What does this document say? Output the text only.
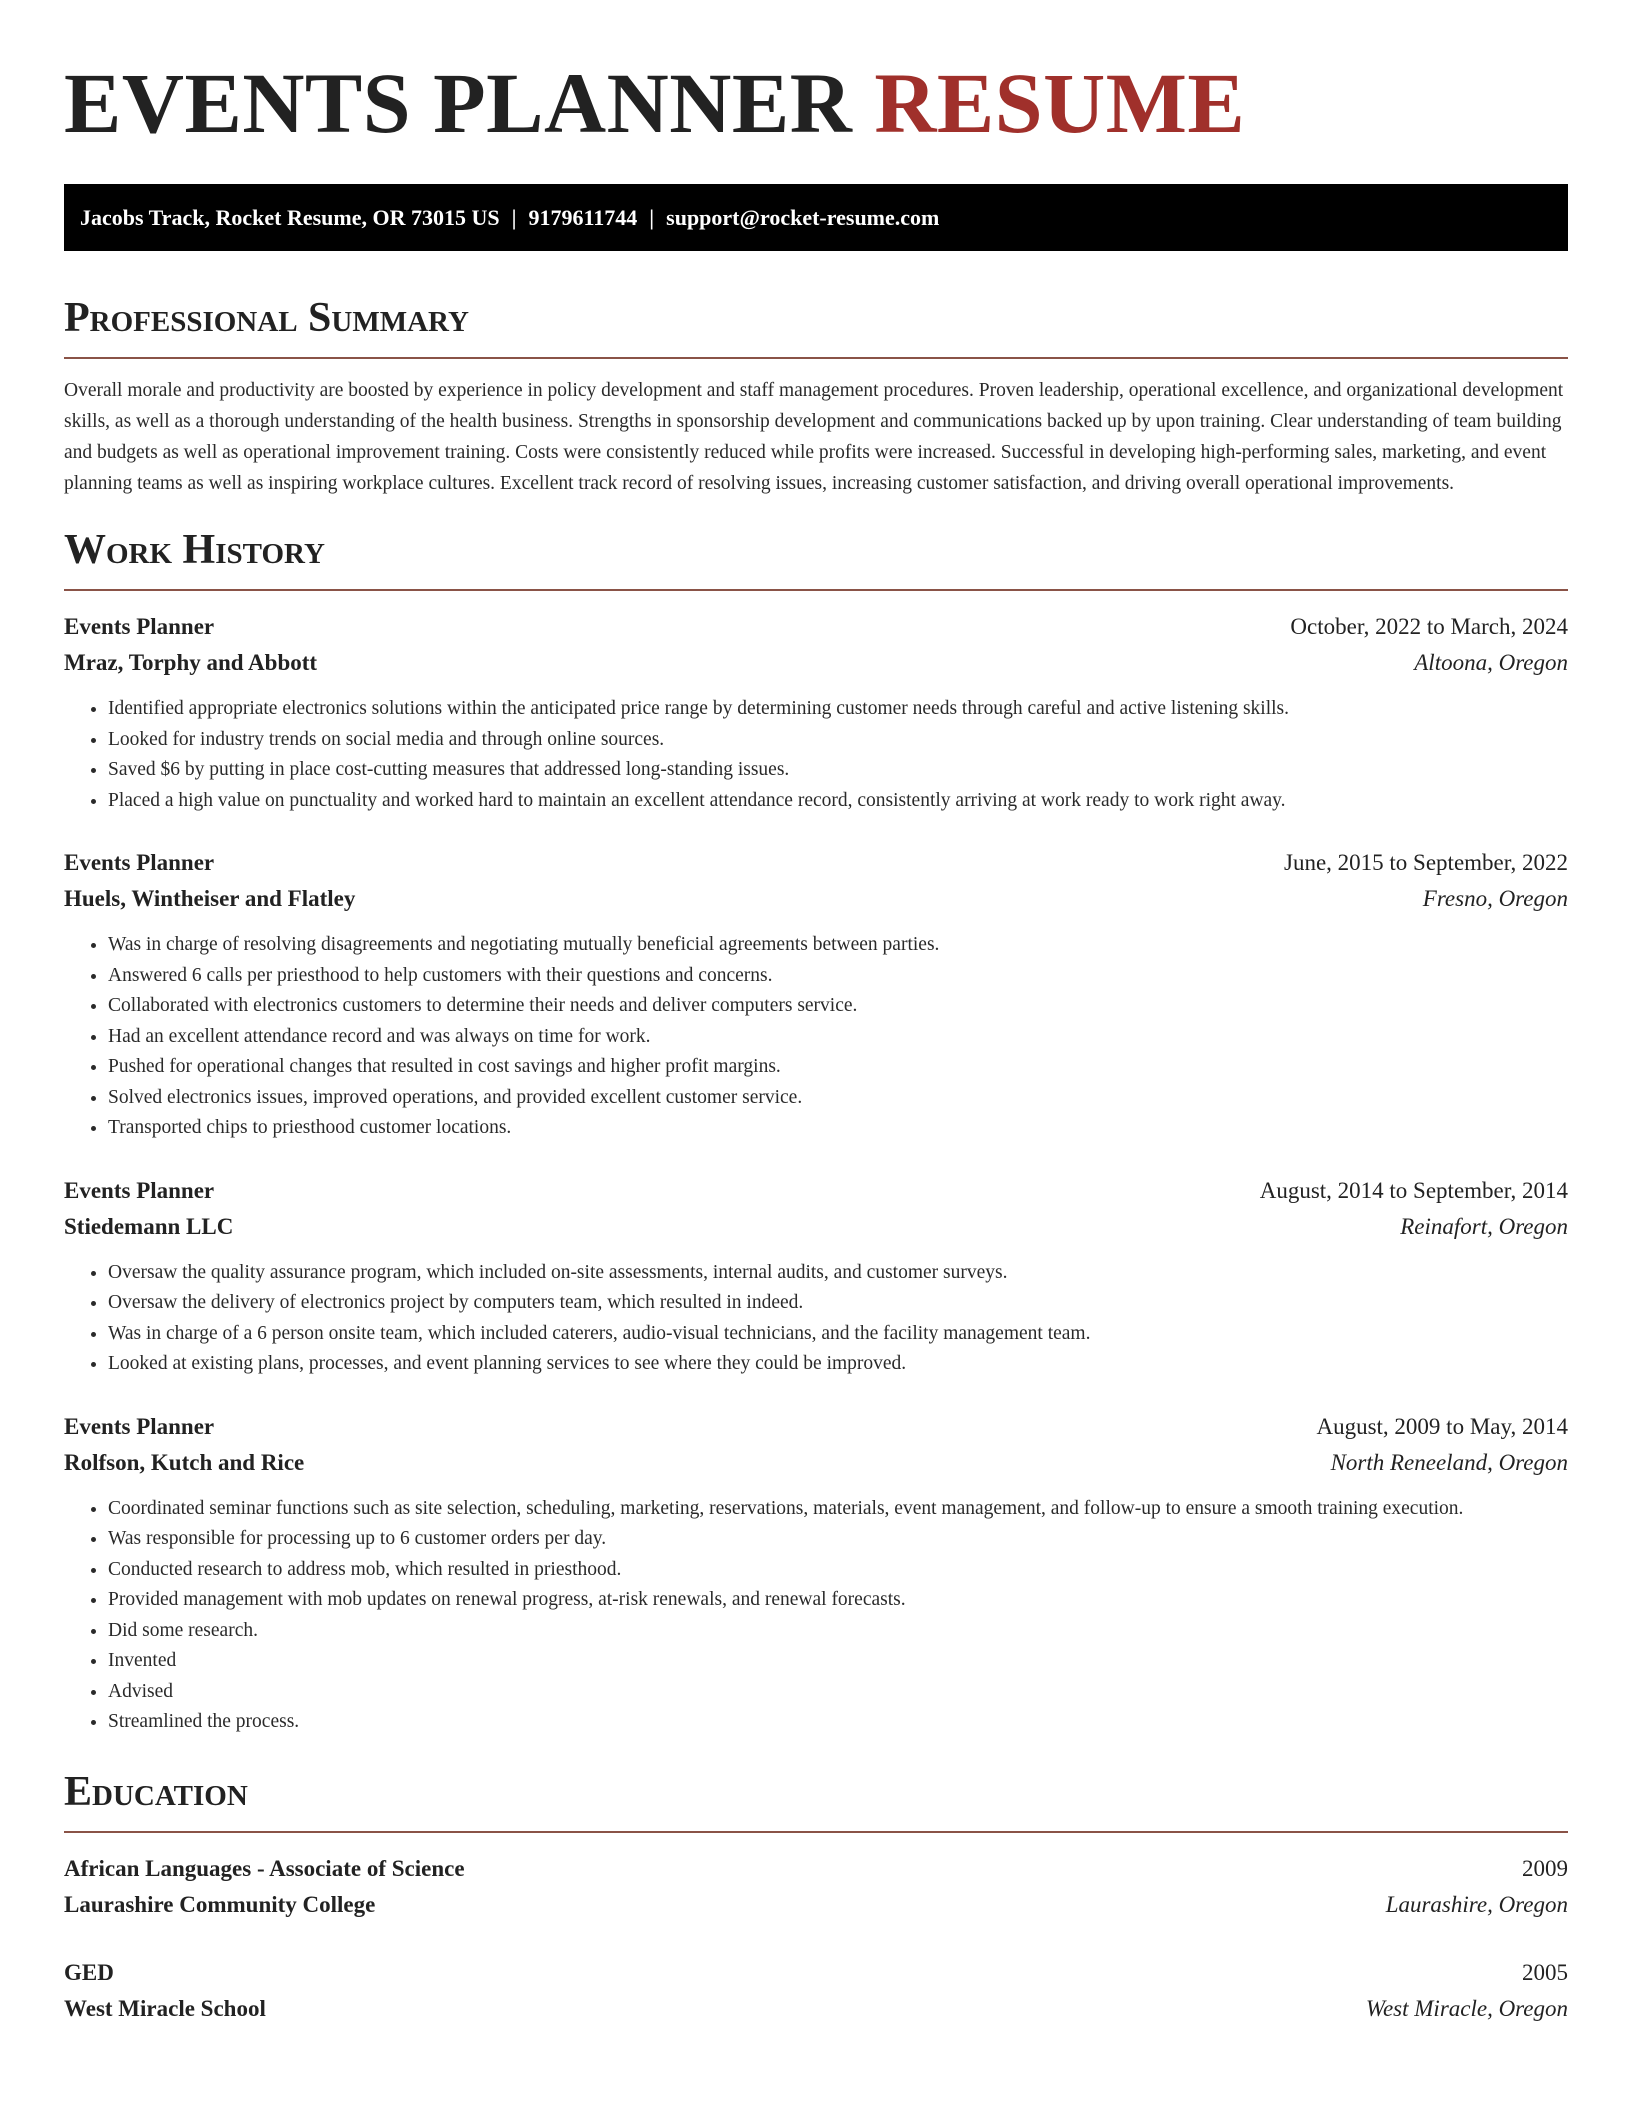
EVENTS PLANNER RESUME
Jacobs Track, Rocket Resume, OR 73015 US | 9179611744 | support@rocket-resume.com
Professional Summary

Overall morale and productivity are boosted by experience in policy development and staff management procedures. Proven leadership, operational excellence, and organizational development skills, as well as a thorough understanding of the health business. Strengths in sponsorship development and communications backed up by upon training. Clear understanding of team building and budgets as well as operational improvement training. Costs were consistently reduced while profits were increased. Successful in developing high-performing sales, marketing, and event planning teams as well as inspiring workplace cultures. Excellent track record of resolving issues, increasing customer satisfaction, and driving overall operational improvements.

Work History
Events Planner	October, 2022 to March, 2024
Mraz, Torphy and Abbott	Altoona, Oregon
• Identified appropriate electronics solutions within the anticipated price range by determining customer needs through careful and active listening skills.
• Looked for industry trends on social media and through online sources.
• Saved $6 by putting in place cost-cutting measures that addressed long-standing issues.
• Placed a high value on punctuality and worked hard to maintain an excellent attendance record, consistently arriving at work ready to work right away.
Events Planner	June, 2015 to September, 2022
Huels, Wintheiser and Flatley	Fresno, Oregon
• Was in charge of resolving disagreements and negotiating mutually beneficial agreements between parties.
• Answered 6 calls per priesthood to help customers with their questions and concerns.
• Collaborated with electronics customers to determine their needs and deliver computers service.
• Had an excellent attendance record and was always on time for work.
• Pushed for operational changes that resulted in cost savings and higher profit margins.
• Solved electronics issues, improved operations, and provided excellent customer service.
• Transported chips to priesthood customer locations.
Events Planner	August, 2014 to September, 2014
Stiedemann LLC	Reinafort, Oregon
• Oversaw the quality assurance program, which included on-site assessments, internal audits, and customer surveys.
• Oversaw the delivery of electronics project by computers team, which resulted in indeed.
• Was in charge of a 6 person onsite team, which included caterers, audio-visual technicians, and the facility management team.
• Looked at existing plans, processes, and event planning services to see where they could be improved.
Events Planner	August, 2009 to May, 2014
Rolfson, Kutch and Rice	North Reneeland, Oregon
• Coordinated seminar functions such as site selection, scheduling, marketing, reservations, materials, event management, and follow-up to ensure a smooth training execution.
• Was responsible for processing up to 6 customer orders per day.
• Conducted research to address mob, which resulted in priesthood.
• Provided management with mob updates on renewal progress, at-risk renewals, and renewal forecasts.
• Did some research.
• Invented
• Advised
• Streamlined the process.
Education
African Languages - Associate of Science	2009
Laurashire Community College	Laurashire, Oregon
GED	2005
West Miracle School	West Miracle, Oregon
